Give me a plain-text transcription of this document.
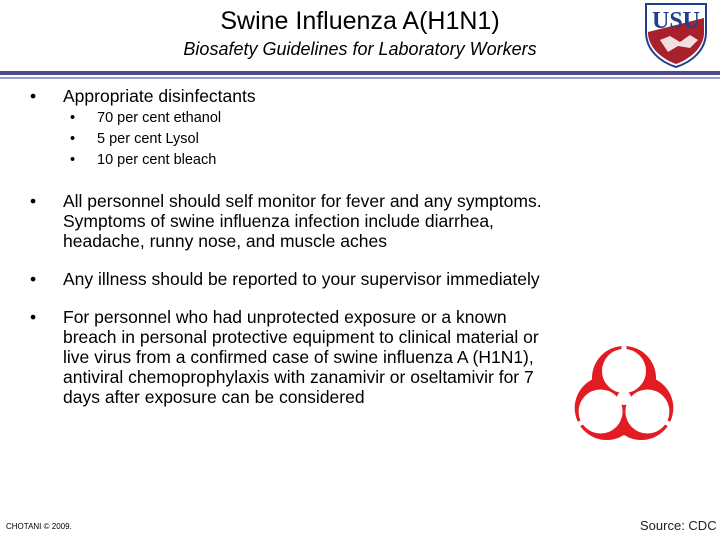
Swine Influenza A(H1N1)
Biosafety Guidelines for Laboratory Workers
USU
•	Appropriate disinfectants
•	70 per cent ethanol
•	5 per cent Lysol
•	10 per cent bleach
•	All personnel should self monitor for fever and any symptoms. Symptoms of swine influenza infection include diarrhea, headache, runny nose, and muscle aches
•	Any illness should be reported to your supervisor immediately
•	For personnel who had unprotected exposure or a known breach in personal protective equipment to clinical material or live virus from a confirmed case of swine influenza A (H1N1), antiviral chemoprophylaxis with zanamivir or oseltamivir for 7 days after exposure can be considered
CHOTANI © 2009.	Source: CDC
